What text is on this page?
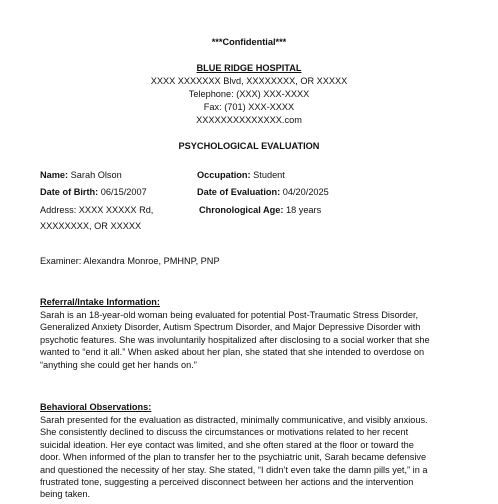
***Confidential***
BLUE RIDGE HOSPITAL
XXXX XXXXXXX Blvd, XXXXXXXX, OR XXXXX
Telephone: (XXX) XXX-XXXX
Fax: (701) XXX-XXXX
XXXXXXXXXXXXXX.com
PSYCHOLOGICAL EVALUATION
Name: Sarah Olson	Occupation: Student
Date of Birth: 06/15/2007	Date of Evaluation: 04/20/2025
Address: XXXX XXXXX Rd,	Chronological Age: 18 years
XXXXXXXX, OR XXXXX
Examiner: Alexandra Monroe, PMHNP, PNP
Referral/Intake Information:

Sarah is an 18-year-old woman being evaluated for potential Post-Traumatic Stress Disorder,

Generalized Anxiety Disorder, Autism Spectrum Disorder, and Major Depressive Disorder with

psychotic features. She was involuntarily hospitalized after disclosing to a social worker that she

wanted to “end it all.” When asked about her plan, she stated that she intended to overdose on

“anything she could get her hands on.”

Behavioral Observations:

Sarah presented for the evaluation as distracted, minimally communicative, and visibly anxious.

She consistently declined to discuss the circumstances or motivations related to her recent

suicidal ideation. Her eye contact was limited, and she often stared at the floor or toward the

door. When informed of the plan to transfer her to the psychiatric unit, Sarah became defensive

and questioned the necessity of her stay. She stated, “I didn’t even take the damn pills yet,” in a

frustrated tone, suggesting a perceived disconnect between her actions and the intervention

being taken.
